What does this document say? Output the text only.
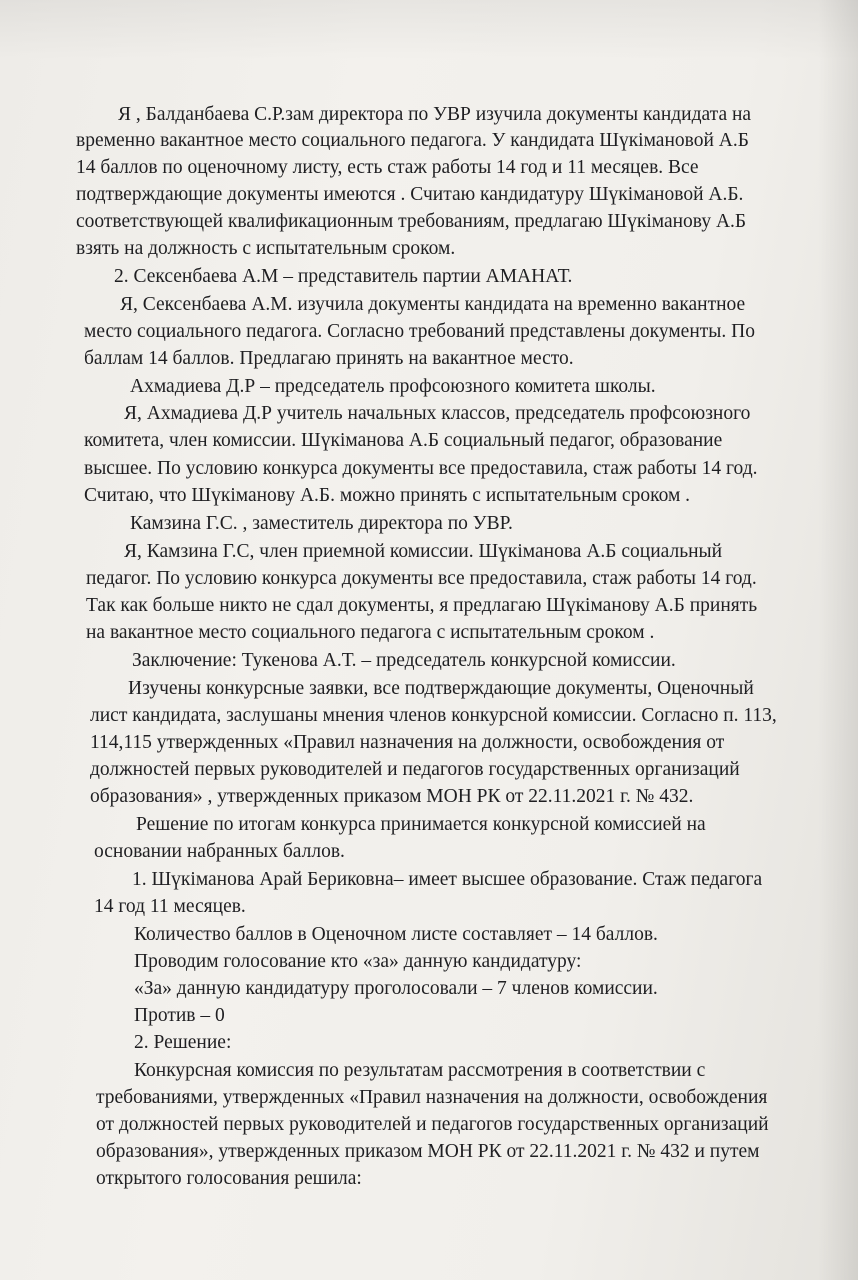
Я , Балданбаева С.Р.зам директора по УВР изучила документы кандидата на
временно вакантное место социального педагога. У кандидата Шүкімановой А.Б
14 баллов по оценочному листу, есть стаж работы 14 год и 11 месяцев. Все
подтверждающие документы имеются . Считаю кандидатуру Шүкімановой А.Б.
соответствующей квалификационным требованиям, предлагаю Шүкіманову А.Б
взять на должность с испытательным сроком.
2. Сексенбаева А.М – представитель партии АМАНАТ.
Я, Сексенбаева А.М. изучила документы кандидата на временно вакантное
место социального педагога. Согласно требований представлены документы. По
баллам 14 баллов. Предлагаю принять на вакантное место.
Ахмадиева Д.Р – председатель профсоюзного комитета школы.
Я, Ахмадиева Д.Р учитель начальных классов, председатель профсоюзного
комитета, член комиссии. Шүкіманова А.Б социальный педагог, образование
высшее. По условию конкурса документы все предоставила, стаж работы 14 год.
Считаю, что Шүкіманову А.Б. можно принять с испытательным сроком .
Камзина Г.С. , заместитель директора по УВР.
Я, Камзина Г.С, член приемной комиссии. Шүкіманова А.Б социальный
педагог. По условию конкурса документы все предоставила, стаж работы 14 год.
Так как больше никто не сдал документы, я предлагаю Шүкіманову А.Б принять
на вакантное место социального педагога с испытательным сроком .
Заключение: Тукенова А.Т. – председатель конкурсной комиссии.
Изучены конкурсные заявки, все подтверждающие документы, Оценочный
лист кандидата, заслушаны мнения членов конкурсной комиссии. Согласно п. 113,
114,115 утвержденных «Правил назначения на должности, освобождения от
должностей первых руководителей и педагогов государственных организаций
образования» , утвержденных приказом МОН РК от 22.11.2021 г. № 432.
Решение по итогам конкурса принимается конкурсной комиссией на
основании набранных баллов.
1. Шүкіманова Арай Бериковна– имеет высшее образование. Стаж педагога
14 год 11 месяцев.
Количество баллов в Оценочном листе составляет – 14 баллов.
Проводим голосование кто «за» данную кандидатуру:
«За» данную кандидатуру проголосовали – 7 членов комиссии.
Против – 0
2. Решение:
Конкурсная комиссия по результатам рассмотрения в соответствии с
требованиями, утвержденных «Правил назначения на должности, освобождения
от должностей первых руководителей и педагогов государственных организаций
образования», утвержденных приказом МОН РК от 22.11.2021 г. № 432 и путем
открытого голосования решила:
